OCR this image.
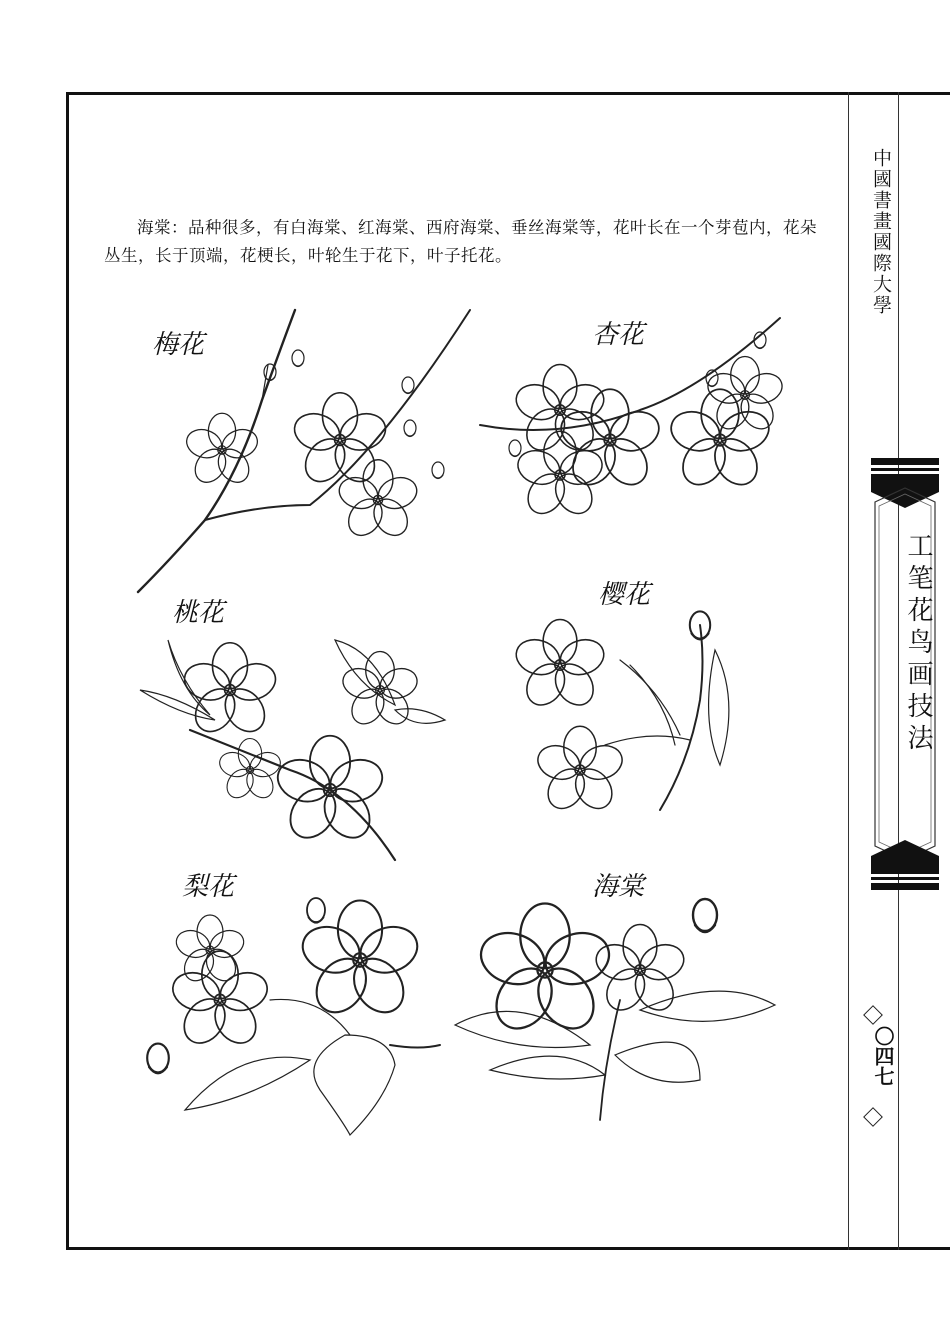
中國書畫國際大學
工笔花鸟画技法
〇四七
海棠：品种很多，有白海棠、红海棠、西府海棠、垂丝海棠等，花叶长在一个芽苞内，花朵丛生，长于顶端，花梗长，叶轮生于花下，叶子托花。
梅花	杏花
桃花
樱花
梨花	海棠
